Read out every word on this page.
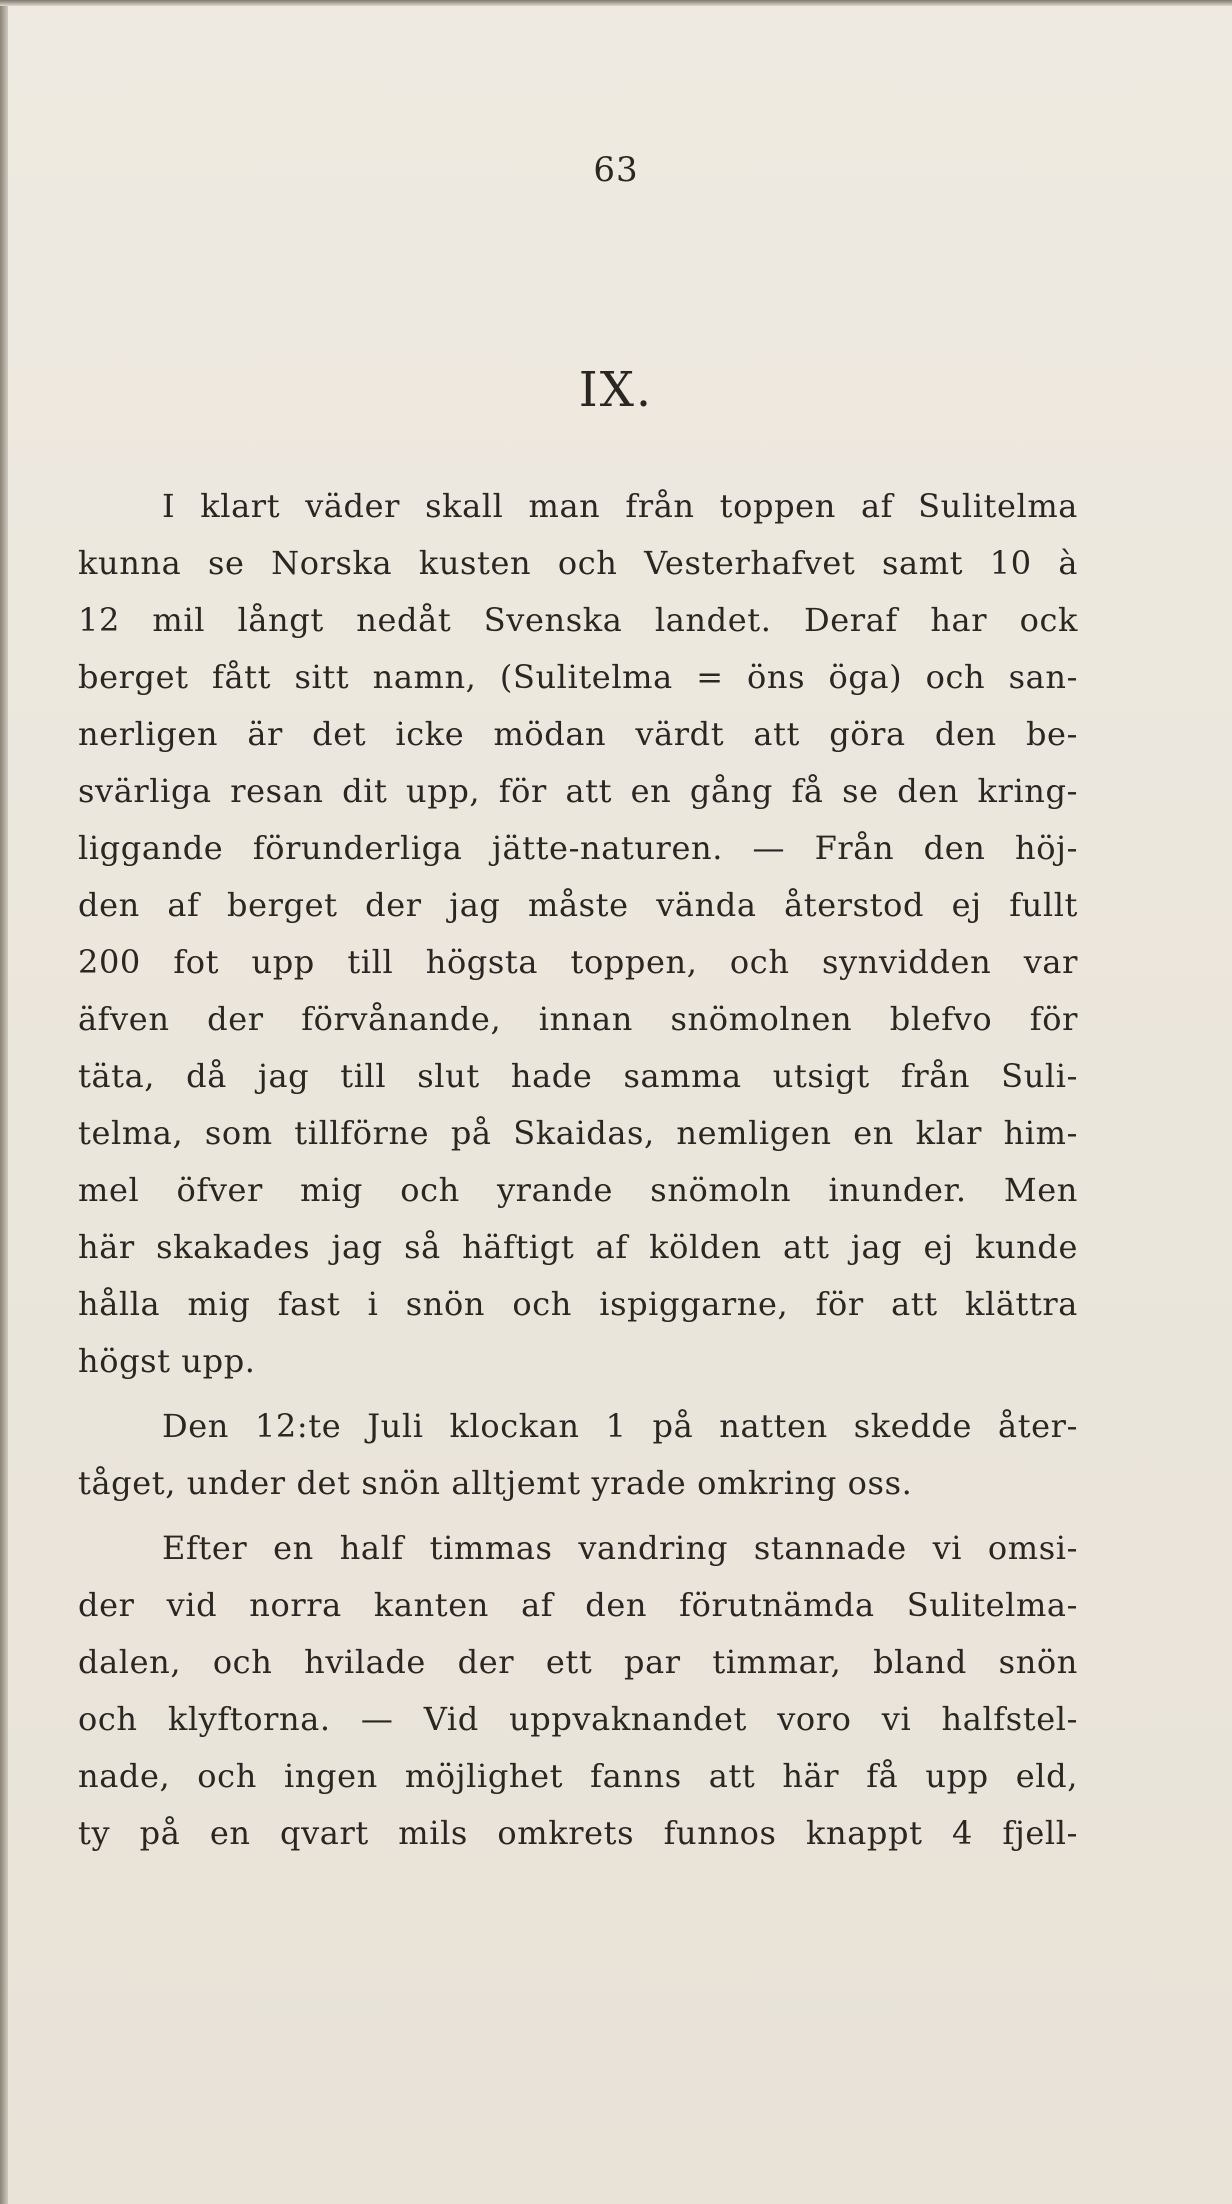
63
IX.

I klart väder skall man från toppen af Sulitelma
kunna se Norska kusten och Vesterhafvet samt 10 à
12 mil långt nedåt Svenska landet. Deraf har ock
berget fått sitt namn, (Sulitelma = öns öga) och san-
nerligen är det icke mödan värdt att göra den be-
svärliga resan dit upp, för att en gång få se den kring-
liggande förunderliga jätte-naturen. — Från den höj-
den af berget der jag måste vända återstod ej fullt
200 fot upp till högsta toppen, och synvidden var
äfven der förvånande, innan snömolnen blefvo för
täta, då jag till slut hade samma utsigt från Suli-
telma, som tillförne på Skaidas, nemligen en klar him-
mel öfver mig och yrande snömoln inunder. Men
här skakades jag så häftigt af kölden att jag ej kunde
hålla mig fast i snön och ispiggarne, för att klättra
högst upp.

Den 12:te Juli klockan 1 på natten skedde åter-
tåget, under det snön alltjemt yrade omkring oss.

Efter en half timmas vandring stannade vi omsi-
der vid norra kanten af den förutnämda Sulitelma-
dalen, och hvilade der ett par timmar, bland snön
och klyftorna. — Vid uppvaknandet voro vi halfstel-
nade, och ingen möjlighet fanns att här få upp eld,
ty på en qvart mils omkrets funnos knappt 4 fjell-
